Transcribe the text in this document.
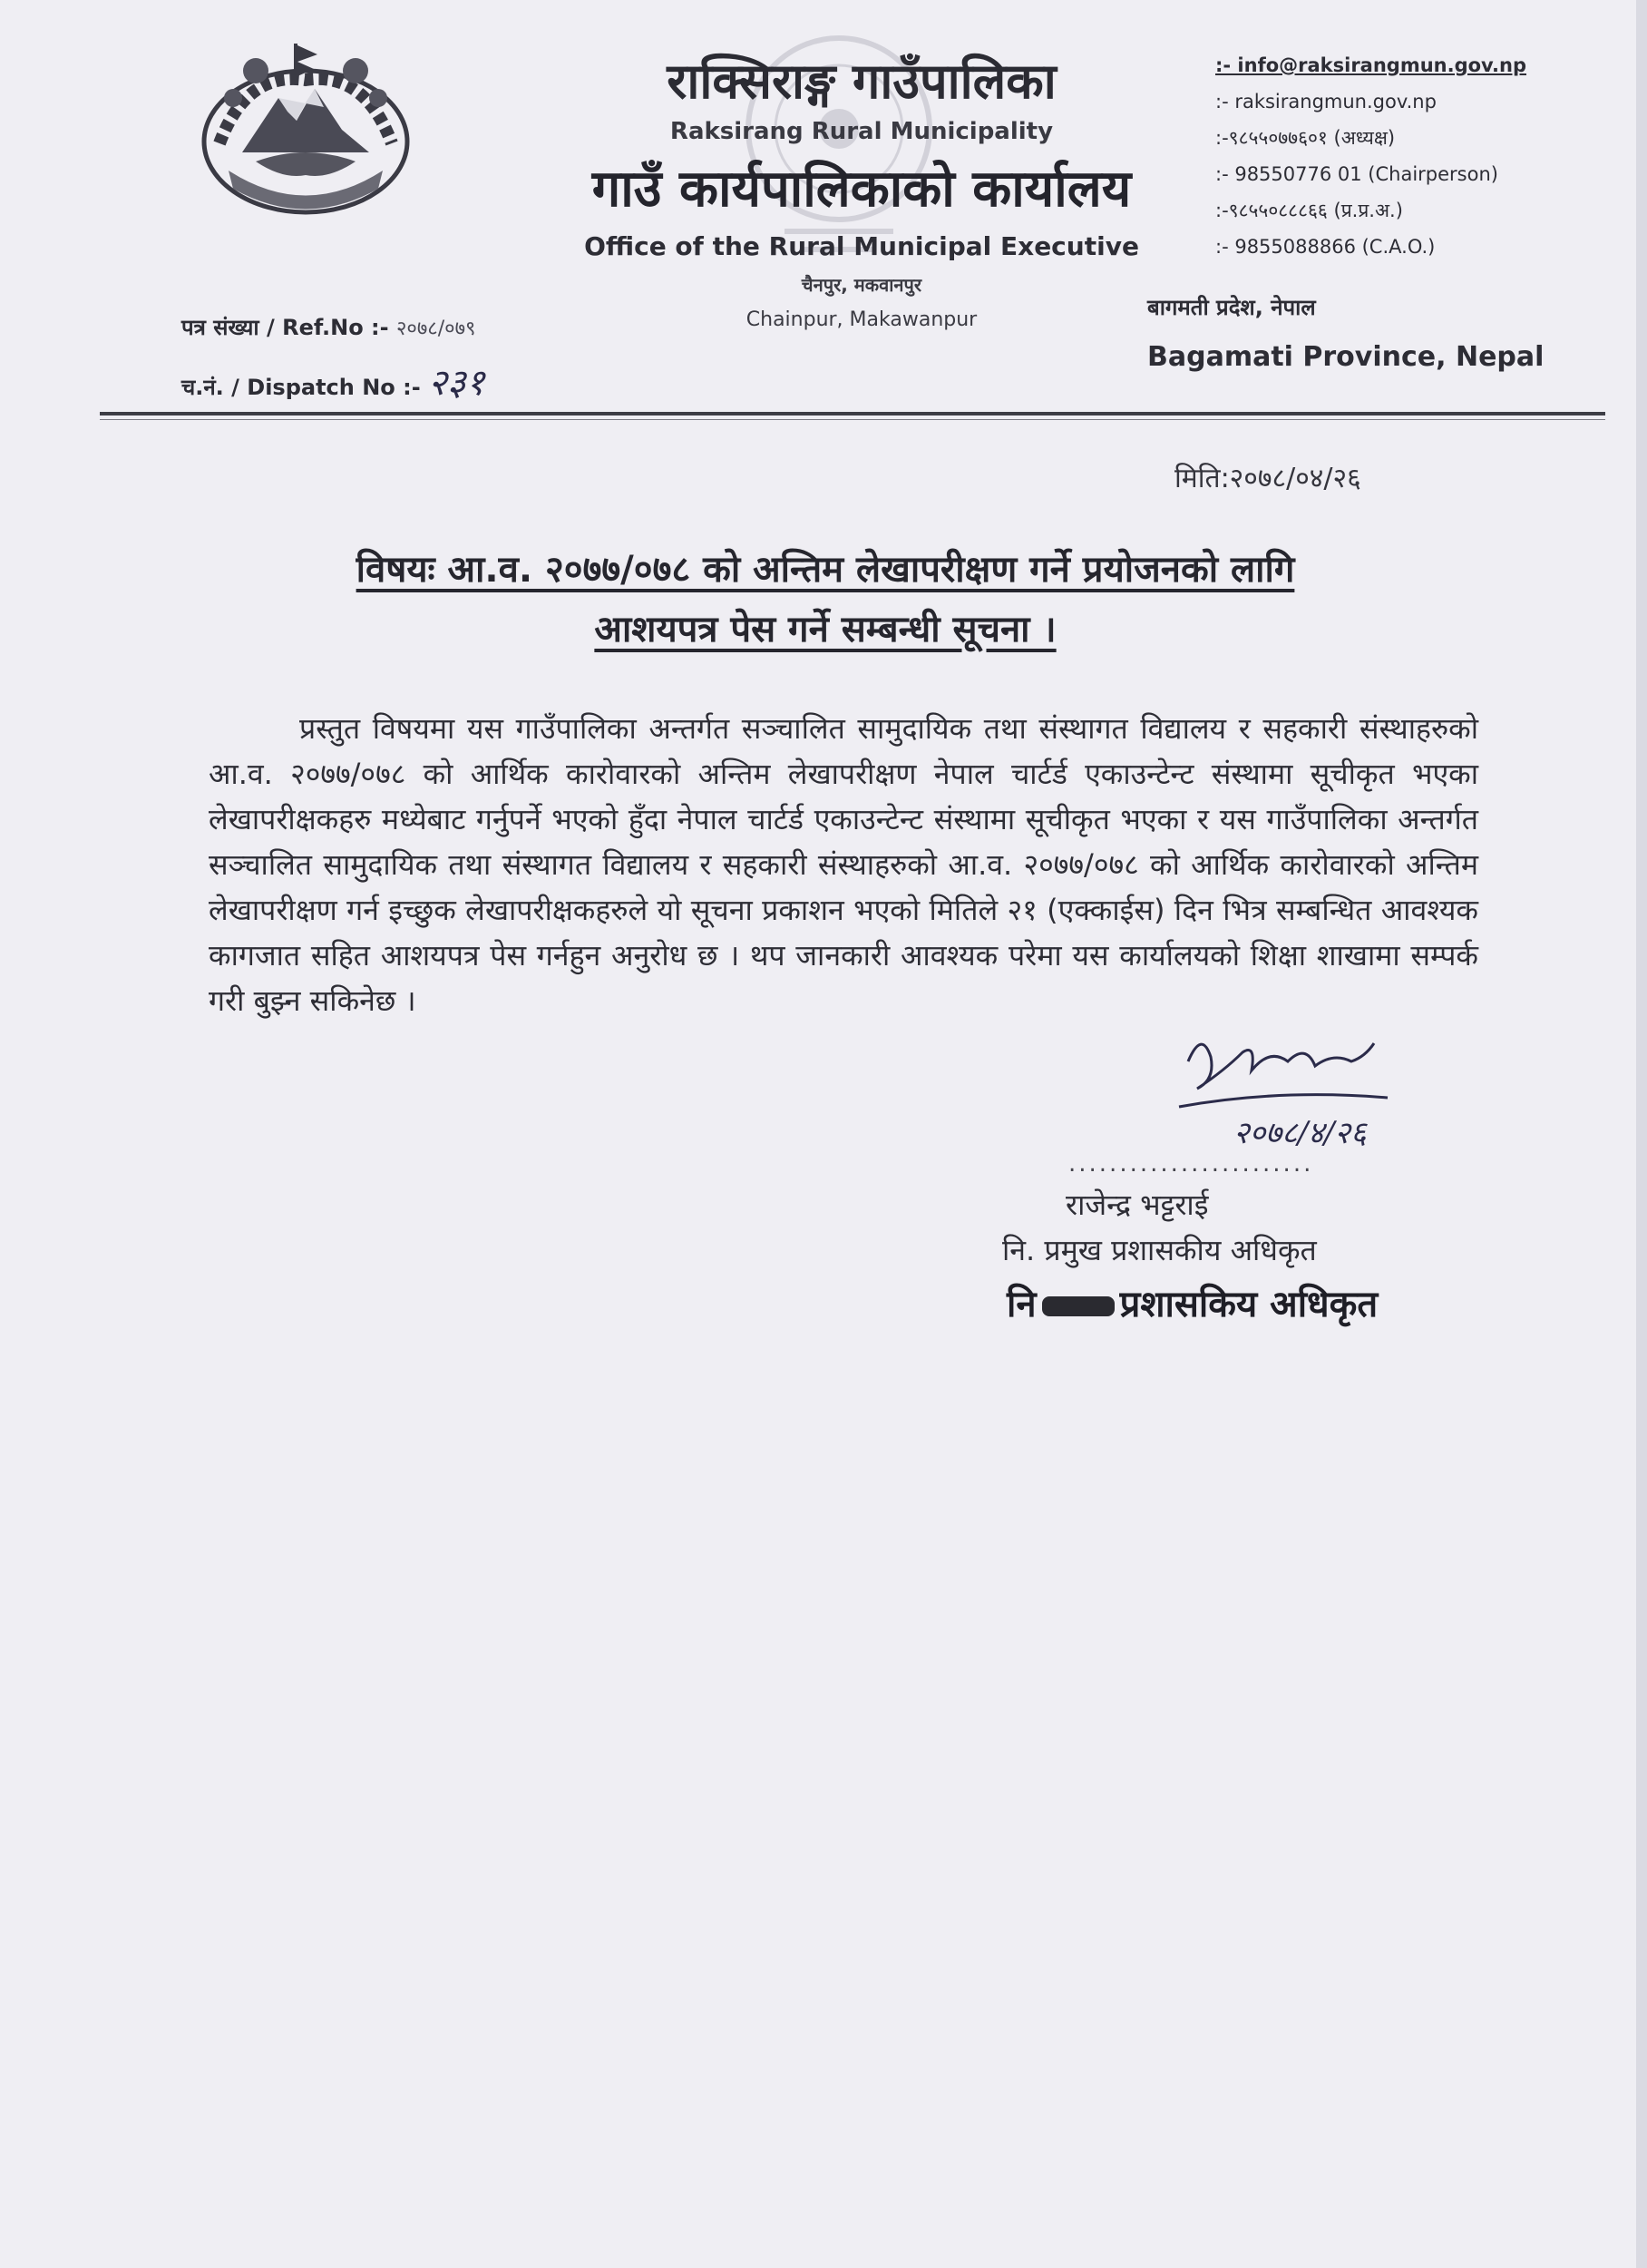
राक्सिराङ्ग गाउँपालिका
Raksirang Rural Municipality
गाउँ कार्यपालिकाको कार्यालय
Office of the Rural Municipal Executive
चैनपुर, मकवानपुर
Chainpur, Makawanpur
:- info@raksirangmun.gov.np
:- raksirangmun.gov.np
:-९८५५०७७६०१ (अध्यक्ष)
:- 98550776 01 (Chairperson)
:-९८५५०८८८६६ (प्र.प्र.अ.)
:- 9855088866 (C.A.O.)
बागमती प्रदेश, नेपाल
Bagamati Province, Nepal
पत्र संख्या / Ref.No :- २०७८/०७९
च.नं. / Dispatch No :- २३१
मिति:२०७८/०४/२६
विषयः आ.व. २०७७/०७८ को अन्तिम लेखापरीक्षण गर्ने प्रयोजनको लागि
आशयपत्र पेस गर्ने सम्बन्धी सूचना ।
प्रस्तुत विषयमा यस गाउँपालिका अन्तर्गत सञ्चालित सामुदायिक तथा संस्थागत विद्यालय र सहकारी संस्थाहरुको आ.व. २०७७/०७८ को आर्थिक कारोवारको अन्तिम लेखापरीक्षण नेपाल चार्टर्ड एकाउन्टेन्ट संस्थामा सूचीकृत भएका लेखापरीक्षकहरु मध्येबाट गर्नुपर्ने भएको हुँदा नेपाल चार्टर्ड एकाउन्टेन्ट संस्थामा सूचीकृत भएका र यस गाउँपालिका अन्तर्गत सञ्चालित सामुदायिक तथा संस्थागत विद्यालय र सहकारी संस्थाहरुको आ.व. २०७७/०७८ को आर्थिक कारोवारको अन्तिम लेखापरीक्षण गर्न इच्छुक लेखापरीक्षकहरुले यो सूचना प्रकाशन भएको मितिले २१ (एक्काईस) दिन भित्र सम्बन्धित आवश्यक कागजात सहित आशयपत्र पेस गर्नहुन अनुरोध छ । थप जानकारी आवश्यक परेमा यस कार्यालयको शिक्षा शाखामा सम्पर्क गरी बुझ्न सकिनेछ ।
२०७८/४/२६
........................
राजेन्द्र भट्टराई
नि. प्रमुख प्रशासकीय अधिकृत
नि प्रशासकिय अधिकृत
